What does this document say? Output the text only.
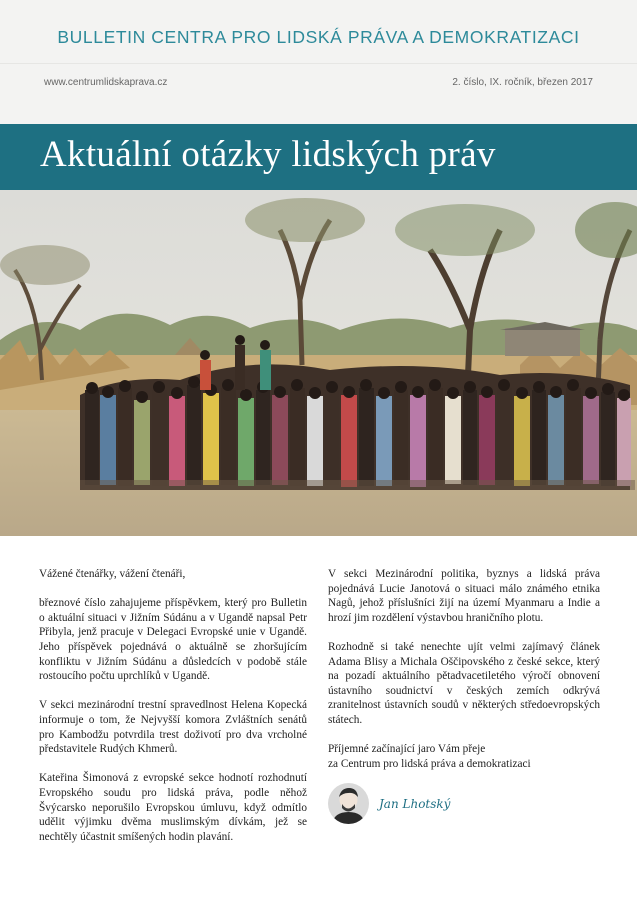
BULLETIN CENTRA PRO LIDSKÁ PRÁVA A DEMOKRATIZACI
www.centrumlidskaprava.cz	2. číslo, IX. ročník, březen 2017
Aktuální otázky lidských práv

Vážené čtenářky, vážení čtenáři,

březnové číslo zahajujeme příspěvkem, který pro Bulletin o aktuální situaci v Jižním Súdánu a v Ugandě napsal Petr Přibyla, jenž pracuje v Delegaci Evropské unie v Ugandě. Jeho příspěvek pojednává o aktuálně se zhoršujícím konfliktu v Jižním Súdánu a důsledcích v podobě stále rostoucího počtu uprchlíků v Ugandě.

V sekci mezinárodní trestní spravedlnost Helena Kopecká informuje o tom, že Nejvyšší komora Zvláštních senátů pro Kambodžu potvrdila trest doživotí pro dva vrcholné představitele Rudých Khmerů.

Kateřina Šimonová z evropské sekce hodnotí rozhodnutí Evropského soudu pro lidská práva, podle něhož Švýcarsko neporušilo Evropskou úmluvu, když odmítlo udělit výjimku dvěma muslimským dívkám, jež se nechtěly účastnit smíšených hodin plavání.

V sekci Mezinárodní politika, byznys a lidská práva pojednává Lucie Janotová o situaci málo známého etnika Nagů, jehož příslušníci žijí na území Myanmaru a Indie a hrozí jim rozdělení výstavbou hraničního plotu.

Rozhodně si také nenechte ujít velmi zajímavý článek Adama Blisy a Michala Oščipovského z české sekce, který na pozadí aktuálního pětadvacetiletého výročí obnovení ústavního soudnictví v českých zemích odkrývá zranitelnost ústavních soudů v některých středoevropských státech.

Příjemné začínající jaro Vám přeje

za Centrum pro lidská práva a demokratizaci

Jan Lhotský
